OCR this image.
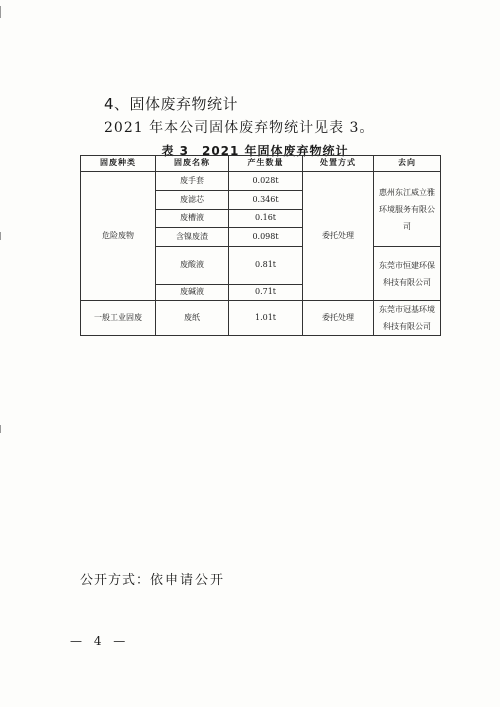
4、固体废弃物统计
2021 年本公司固体废弃物统计见表 3。
表 3　2021 年固体废弃物统计
固废种类	固废名称	产生数量	处置方式	去向
危险废物	废手套	0.028t	委托处理	惠州东江威立雅环境服务有限公司

	废滤芯	0.346t		
	废槽液	0.16t		
	含镍废渣	0.098t		
	废酸液	0.81t		东莞市恒建环保科技有限公司

	废碱液	0.71t		
一般工业固废	废纸	1.01t	委托处理	东莞市冠基环境科技有限公司
公开方式：依申请公开
— 4 —
